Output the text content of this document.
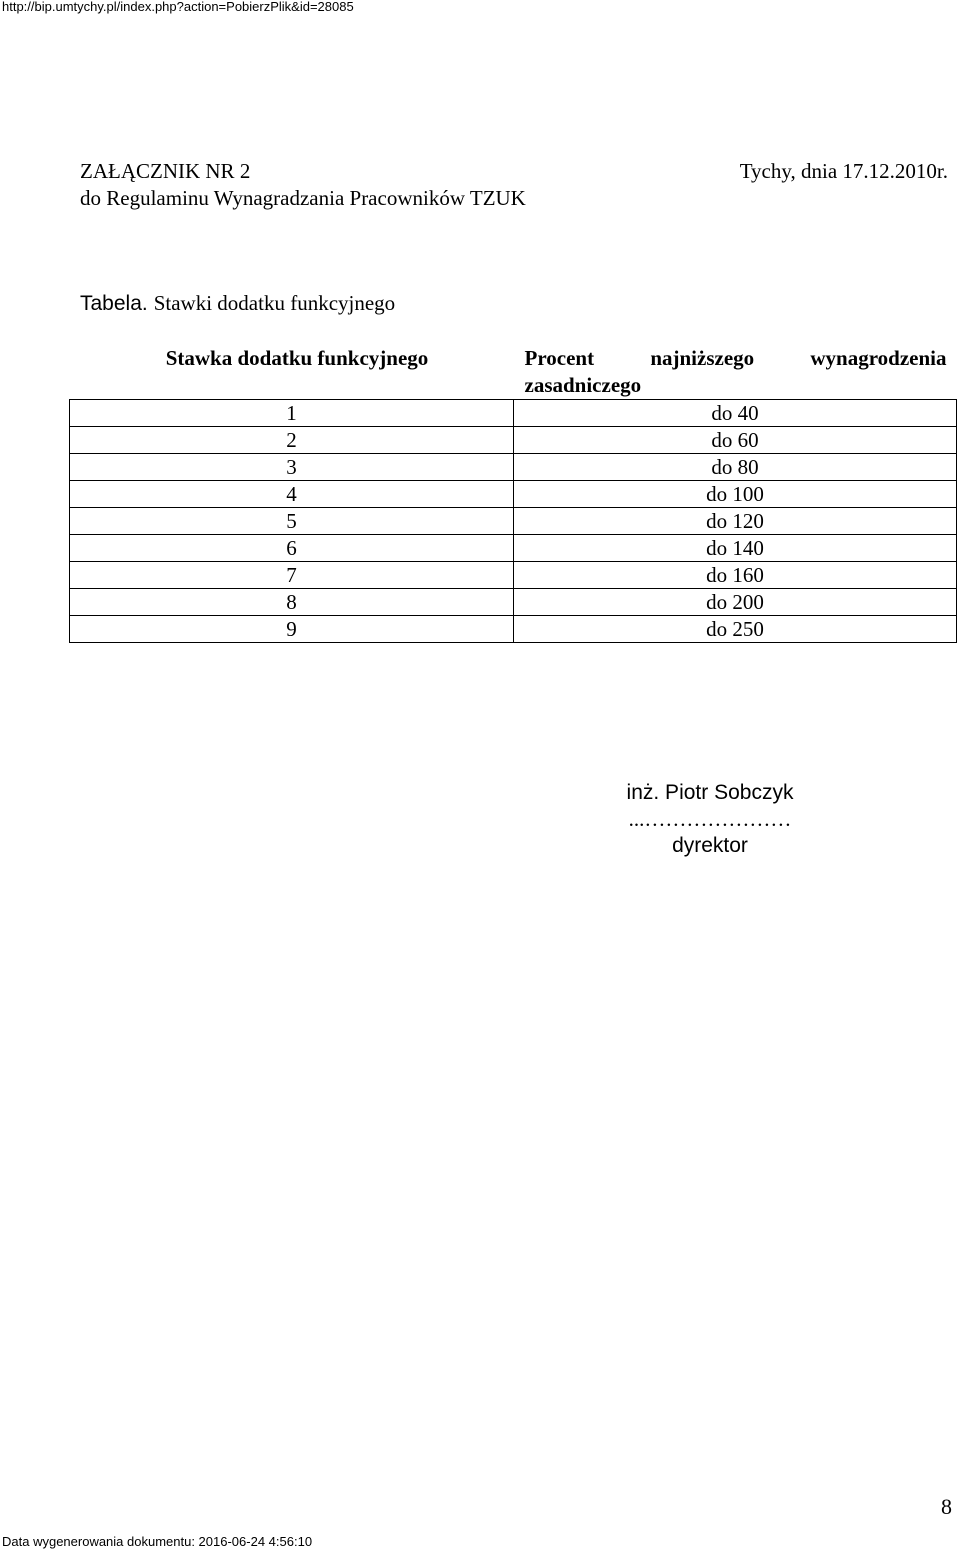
http://bip.umtychy.pl/index.php?action=PobierzPlik&id=28085
ZAŁĄCZNIK NR 2
do Regulaminu Wynagradzania Pracowników TZUK
Tychy, dnia 17.12.2010r.
Tabela. Stawki dodatku funkcyjnego
Stawka dodatku funkcyjnego	Procent najniższego wynagrodzenia zasadniczego
1	do 40
2	do 60
3	do 80
4	do 100
5	do 120
6	do 140
7	do 160
8	do 200
9	do 250
inż. Piotr Sobczyk
...…………………
dyrektor
8
Data wygenerowania dokumentu: 2016-06-24 4:56:10
